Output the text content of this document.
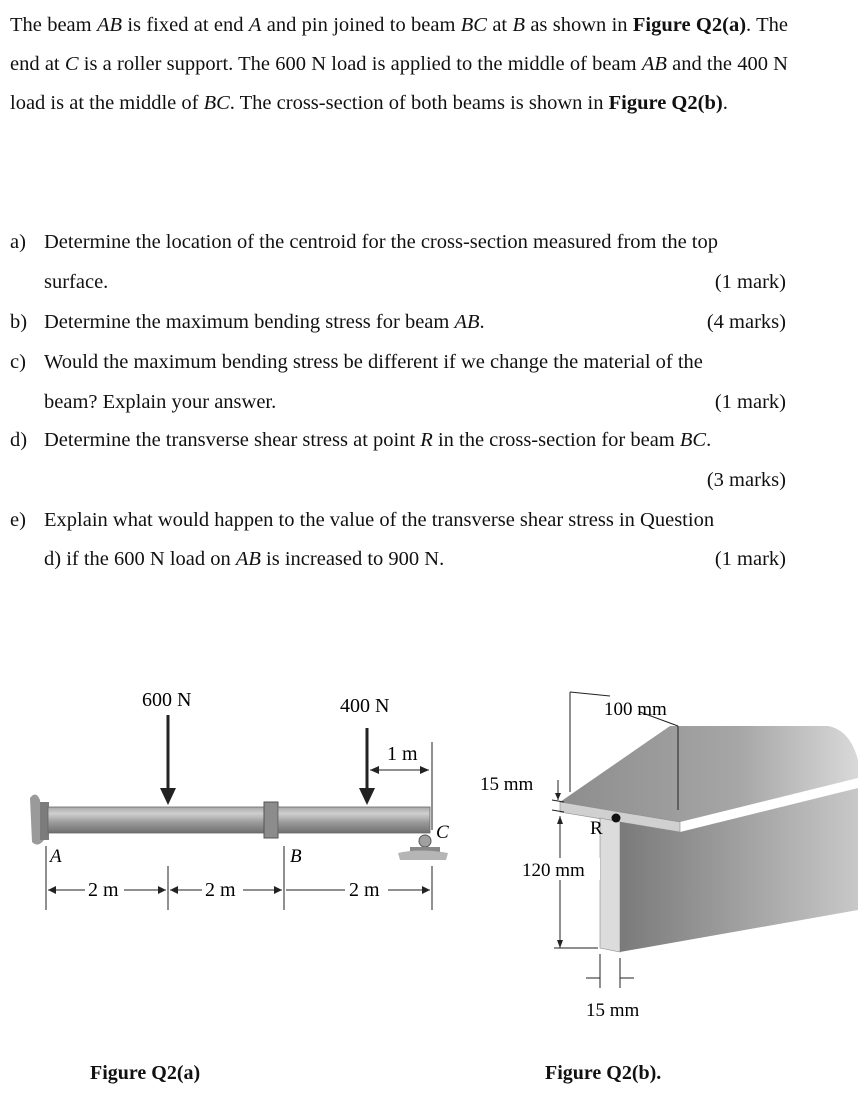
The beam AB is fixed at end A and pin joined to beam BC at B as shown in Figure Q2(a). The end at C is a roller support. The 600 N load is applied to the middle of beam AB and the 400 N load is at the middle of BC. The cross-section of both beams is shown in Figure Q2(b).
a) Determine the location of the centroid for the cross-section measured from the top
surface.	(1 mark)
b) Determine the maximum bending stress for beam AB.	(4 marks)
c) Would the maximum bending stress be different if we change the material of the
beam? Explain your answer.	(1 mark)
d) Determine the transverse shear stress at point R in the cross-section for beam BC.
(3 marks)
e) Explain what would happen to the value of the transverse shear stress in Question
d) if the 600 N load on AB is increased to 900 N.	(1 mark)
600 N	400 N
1 m
A	B
C
2 m	2 m	2 m
Figure Q2(a)
100 mm
15 mm
R
120 mm
15 mm
Figure Q2(b).
